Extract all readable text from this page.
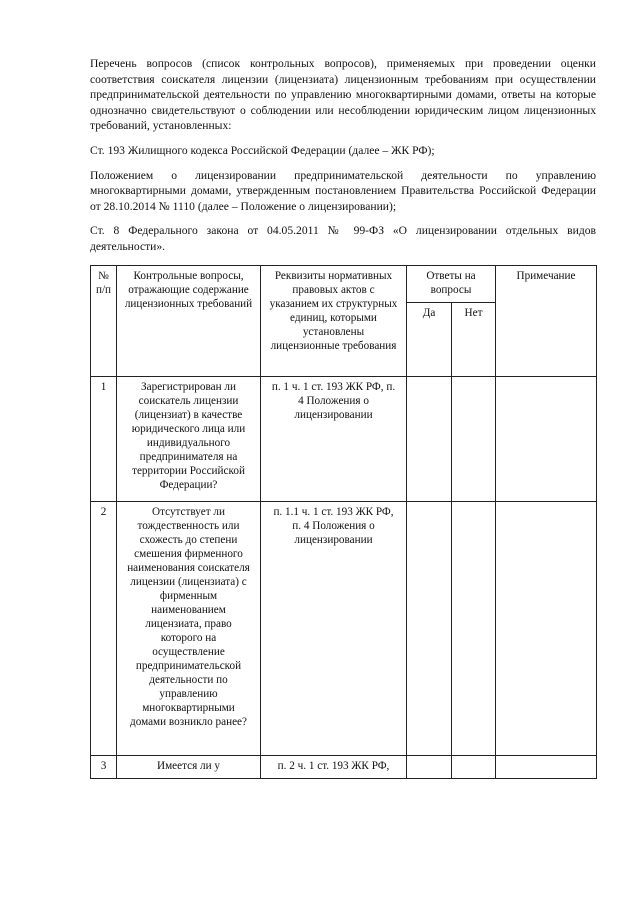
Перечень вопросов (список контрольных вопросов), применяемых при проведении оценки соответствия соискателя лицензии (лицензиата) лицензионным требованиям при осуществлении предпринимательской деятельности по управлению многоквартирными домами, ответы на которые однозначно свидетельствуют о соблюдении или несоблюдении юридическим лицом лицензионных требований, установленных:

Ст. 193 Жилищного кодекса Российской Федерации (далее – ЖК РФ);

Положением о лицензировании предпринимательской деятельности по управлению многоквартирными домами, утвержденным постановлением Правительства Российской Федерации от 28.10.2014 № 1110 (далее – Положение о лицензировании);

Ст. 8 Федерального закона от 04.05.2011 № 99-ФЗ «О лицензировании отдельных видов деятельности».

№ п/п	Контрольные вопросы, отражающие содержание лицензионных требований	Реквизиты нормативных правовых актов с указанием их структурных единиц, которыми установлены лицензионные требования	Ответы на вопросы		Примечание
			Да	Нет	
1	Зарегистрирован ли соискатель лицензии (лицензиат) в качестве юридического лица или индивидуального предпринимателя на территории Российской Федерации?	п. 1 ч. 1 ст. 193 ЖК РФ, п. 4 Положения о лицензировании			
2	Отсутствует ли тождественность или схожесть до степени смешения фирменного наименования соискателя лицензии (лицензиата) с фирменным наименованием лицензиата, право которого на осуществление предпринимательской деятельности по управлению многоквартирными домами возникло ранее?	п. 1.1 ч. 1 ст. 193 ЖК РФ, п. 4 Положения о лицензировании			
3	Имеется ли у	п. 2 ч. 1 ст. 193 ЖК РФ,			
